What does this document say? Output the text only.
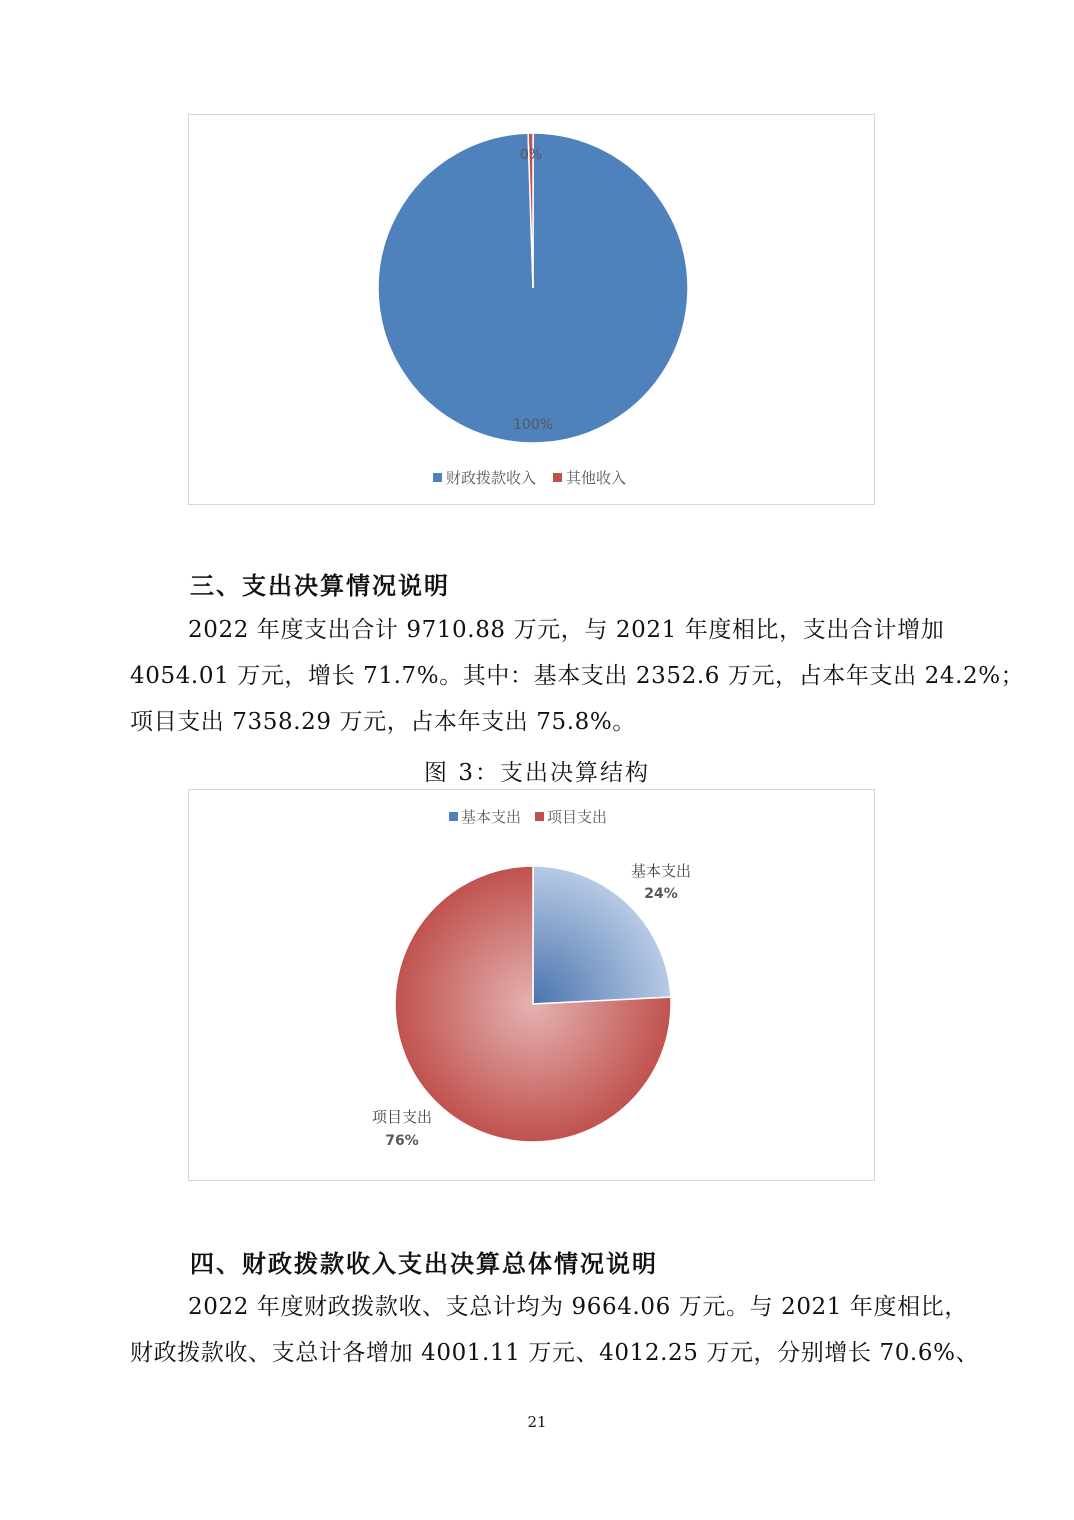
0%
100%
财政拨款收入 其他收入
三、支出决算情况说明
2022 年度支出合计 9710.88 万元，与 2021 年度相比，支出合计增加
4054.01 万元，增长 71.7%。其中：基本支出 2352.6 万元，占本年支出 24.2%；
项目支出 7358.29 万元，占本年支出 75.8%。

图 3：支出决算结构

基本支出 项目支出
基本支出
24%
项目支出
76%
四、财政拨款收入支出决算总体情况说明
2022 年度财政拨款收、支总计均为 9664.06 万元。与 2021 年度相比，
财政拨款收、支总计各增加 4001.11 万元、4012.25 万元，分别增长 70.6%、
21
